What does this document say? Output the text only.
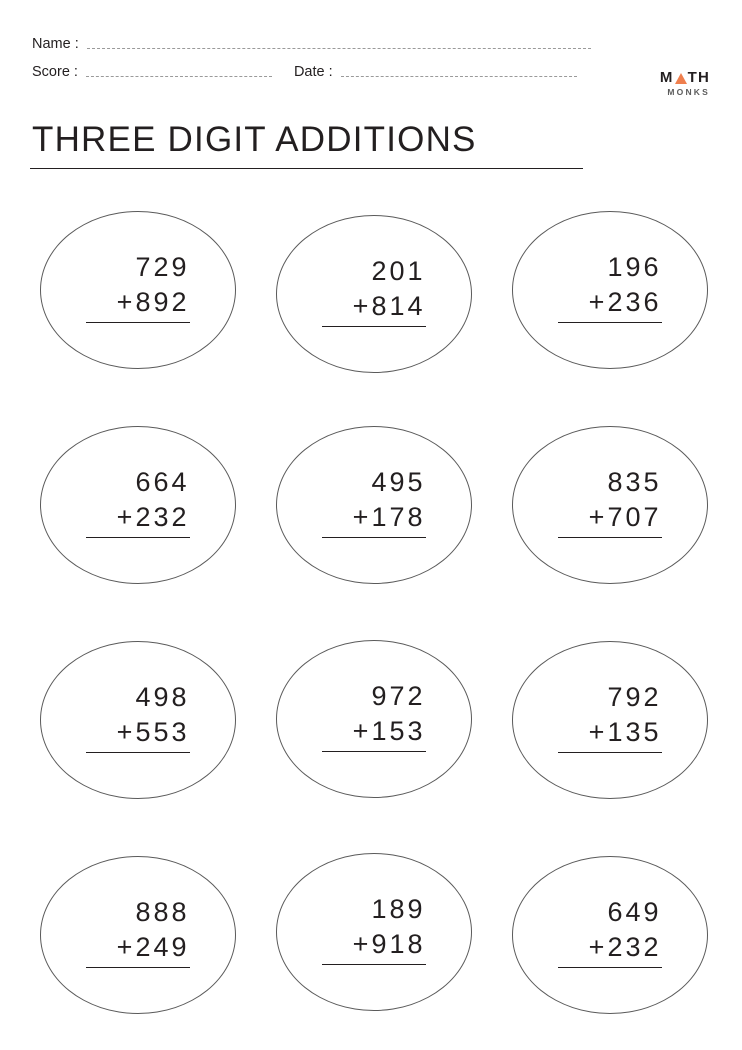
Name :
Score :	Date :	M TH
MONKS
THREE DIGIT ADDITIONS
729
+892
201
+814
196
+236
664
+232
495
+178
835
+707
498
+553
972
+153
792
+135
888
+249
189
+918
649
+232
